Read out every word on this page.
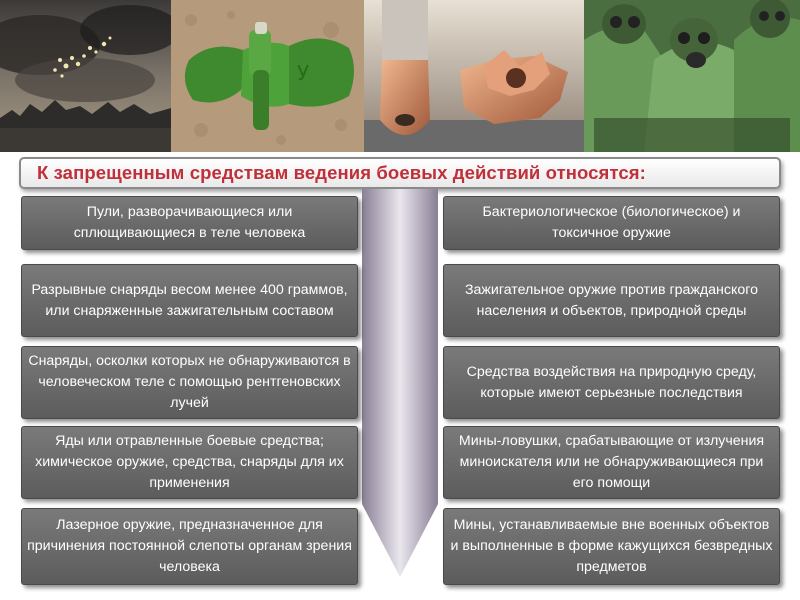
У
К запрещенным средствам ведения боевых действий относятся:
Пули, разворачивающиеся или сплющивающиеся в теле человека
Разрывные снаряды весом менее 400 граммов, или снаряженные зажигательным составом
Снаряды, осколки которых не обнаруживаются в человеческом теле с помощью рентгеновских лучей
Яды или отравленные боевые средства; химическое оружие, средства, снаряды для их применения
Лазерное оружие, предназначенное для причинения постоянной слепоты органам зрения человека
Бактериологическое (биологическое) и токсичное оружие
Зажигательное оружие против гражданского населения и объектов, природной среды
Средства воздействия на природную среду, которые имеют серьезные последствия
Мины-ловушки, срабатывающие от излучения миноискателя или не обнаруживающиеся при его помощи
Мины, устанавливаемые вне военных объектов и выполненные в форме кажущихся безвредных предметов
